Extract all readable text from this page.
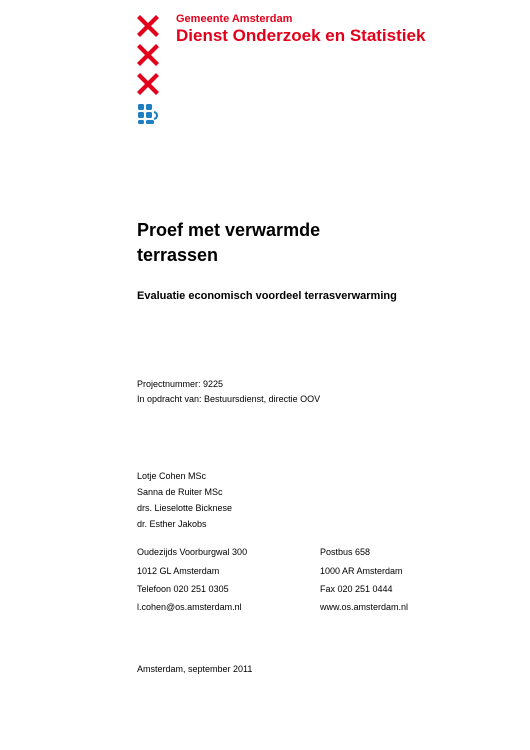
Gemeente Amsterdam
Dienst Onderzoek en Statistiek
Proef met verwarmde
terrassen
Evaluatie economisch voordeel terrasverwarming
Projectnummer: 9225
In opdracht van: Bestuursdienst, directie OOV
Lotje Cohen MSc
Sanna de Ruiter MSc
drs. Lieselotte Bicknese
dr. Esther Jakobs
Oudezijds Voorburgwal 300
1012 GL Amsterdam
Telefoon 020 251 0305
l.cohen@os.amsterdam.nl
Postbus 658
1000 AR Amsterdam
Fax 020 251 0444
www.os.amsterdam.nl
Amsterdam, september 2011
